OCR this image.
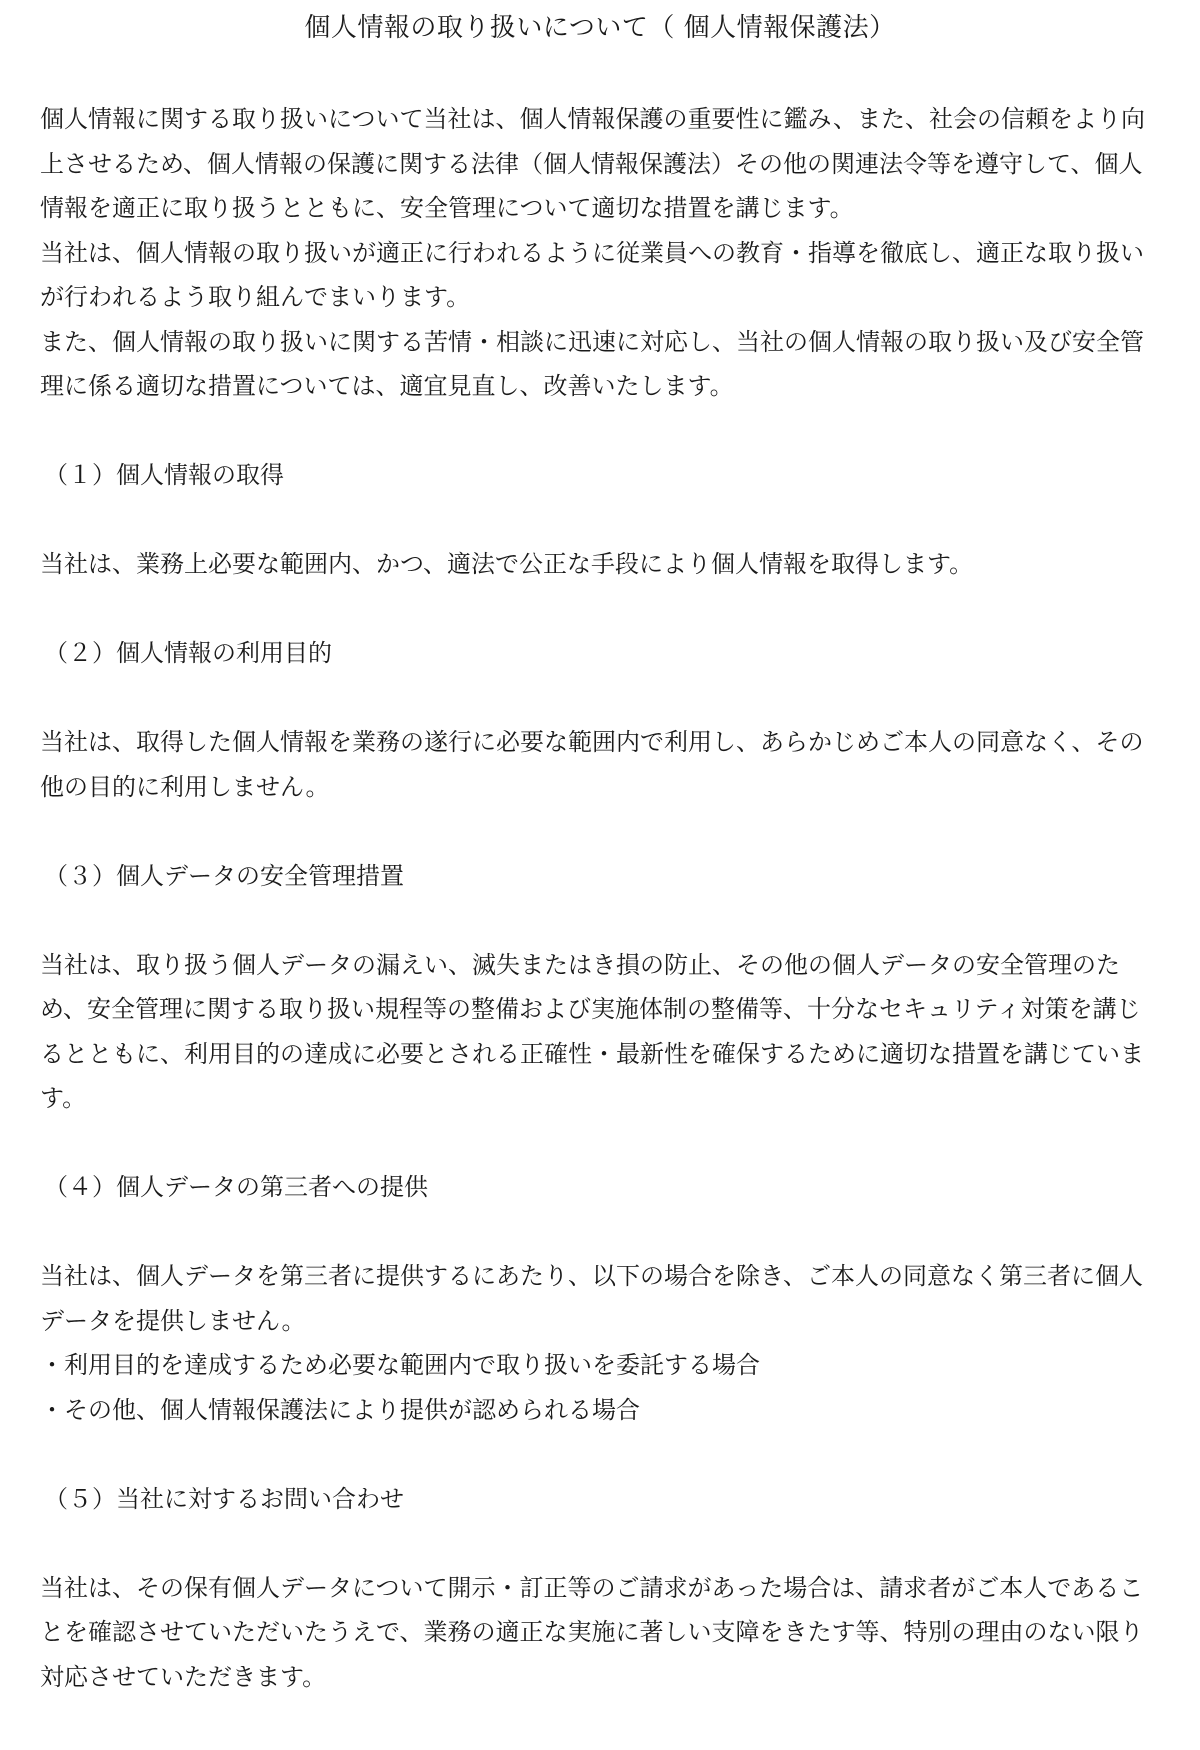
個人情報の取り扱いについて（ 個人情報保護法）

個人情報に関する取り扱いについて当社は、個人情報保護の重要性に鑑み、また、社会の信頼をより向上させるため、個人情報の保護に関する法律（個人情報保護法）その他の関連法令等を遵守して、個人情報を適正に取り扱うとともに、安全管理について適切な措置を講じます。

当社は、個人情報の取り扱いが適正に行われるように従業員への教育・指導を徹底し、適正な取り扱いが行われるよう取り組んでまいります。

また、個人情報の取り扱いに関する苦情・相談に迅速に対応し、当社の個人情報の取り扱い及び安全管理に係る適切な措置については、適宜見直し、改善いたします。

（１）個人情報の取得

当社は、業務上必要な範囲内、かつ、適法で公正な手段により個人情報を取得します。

（２）個人情報の利用目的

当社は、取得した個人情報を業務の遂行に必要な範囲内で利用し、あらかじめご本人の同意なく、その他の目的に利用しません。

（３）個人データの安全管理措置

当社は、取り扱う個人データの漏えい、滅失またはき損の防止、その他の個人データの安全管理のため、安全管理に関する取り扱い規程等の整備および実施体制の整備等、十分なセキュリティ対策を講じるとともに、利用目的の達成に必要とされる正確性・最新性を確保するために適切な措置を講じています。

（４）個人データの第三者への提供

当社は、個人データを第三者に提供するにあたり、以下の場合を除き、ご本人の同意なく第三者に個人データを提供しません。

・利用目的を達成するため必要な範囲内で取り扱いを委託する場合

・その他、個人情報保護法により提供が認められる場合

（５）当社に対するお問い合わせ

当社は、その保有個人データについて開示・訂正等のご請求があった場合は、請求者がご本人であることを確認させていただいたうえで、業務の適正な実施に著しい支障をきたす等、特別の理由のない限り対応させていただきます。
